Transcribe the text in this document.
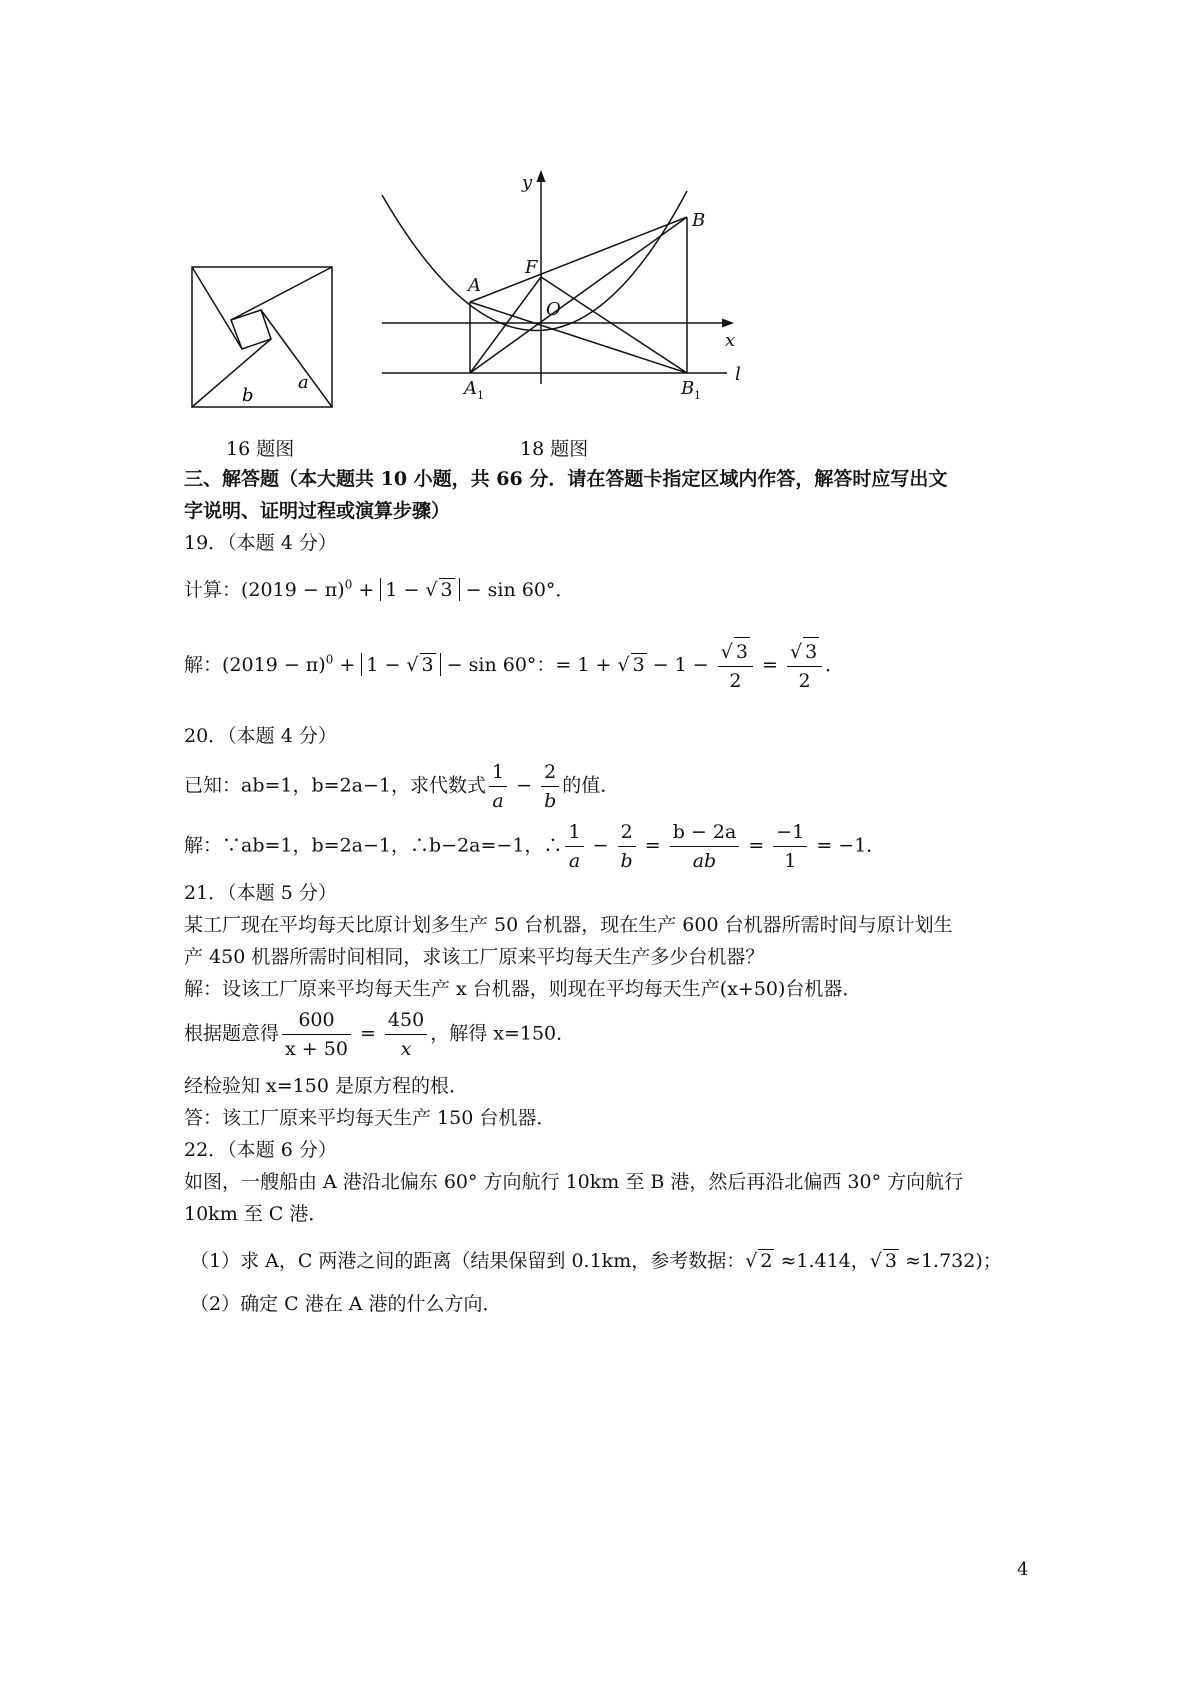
a
b
16 题图
y
x
l
A
B
F
O
A	B
1	1
18 题图
三、解答题（本大题共 10 小题，共 66 分．请在答题卡指定区域内作答，解答时应写出文
字说明、证明过程或演算步骤）
19．（本题 4 分）
计算：$(2019 - \pi)^0 + 1$ − √ 3 − sin 60°．
解：$(2019 - \pi)^0 + 1$ − √ 3 − sin 60°：= 1 + √ 3 − 1 − √ $\frac{3}{2}$ = √ $\frac{3}{2}$ ．
20．（本题 4 分）
已知：ab=1，b=2a−1，求代数式 $\frac{1}{a} - \frac{2}{b}$ 的值．
解：∵ab=1，b=2a−1，∴b−2a=−1，∴ $\frac{1}{a} - \frac{2}{b} = \frac{b - 2a}{ab} = \frac{-1}{1} = -1$．
21．（本题 5 分）
某工厂现在平均每天比原计划多生产 50 台机器，现在生产 600 台机器所需时间与原计划生
产 450 机器所需时间相同，求该工厂原来平均每天生产多少台机器？
解：设该工厂原来平均每天生产 x 台机器，则现在平均每天生产(x+50)台机器．
根据题意得 $\frac{600}{x + 50} = \frac{450}{x}$ ，解得 x=150．
经检验知 x=150 是原方程的根．
答：该工厂原来平均每天生产 150 台机器．
22．（本题 6 分）
如图，一艘船由 A 港沿北偏东 60° 方向航行 10km 至 B 港，然后再沿北偏西 30° 方向航行
10km 至 C 港．
（1）求 A，C 两港之间的距离（结果保留到 0.1km，参考数据： √ 2 ≈1.414， √ 3 ≈1.732)；
（2）确定 C 港在 A 港的什么方向．
4
